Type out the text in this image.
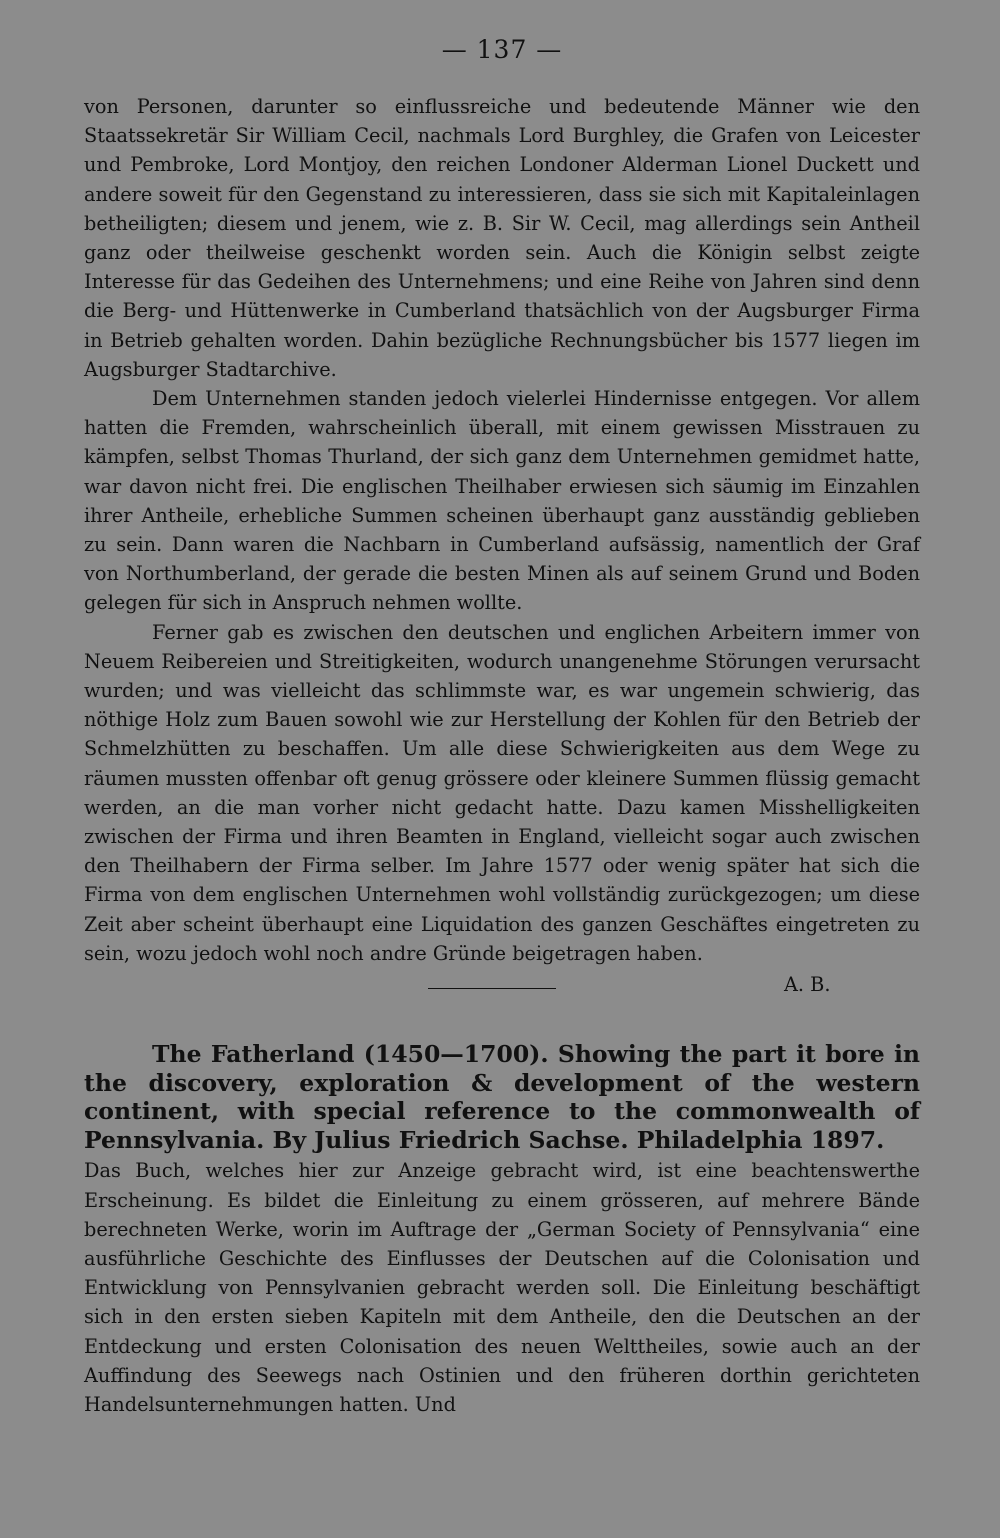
— 137 —

von Personen, darunter so einflussreiche und bedeutende Männer wie den Staatssekretär Sir William Cecil, nachmals Lord Burghley, die Grafen von Leicester und Pembroke, Lord Montjoy, den reichen Londoner Alderman Lionel Duckett und andere soweit für den Gegenstand zu interessieren, dass sie sich mit Kapitaleinlagen betheiligten; diesem und jenem, wie z. B. Sir W. Cecil, mag allerdings sein Antheil ganz oder theilweise geschenkt worden sein. Auch die Königin selbst zeigte Interesse für das Gedeihen des Unternehmens; und eine Reihe von Jahren sind denn die Berg- und Hüttenwerke in Cumberland thatsächlich von der Augsburger Firma in Betrieb gehalten worden. Dahin bezügliche Rechnungsbücher bis 1577 liegen im Augsburger Stadtarchive.

Dem Unternehmen standen jedoch vielerlei Hindernisse entgegen. Vor allem hatten die Fremden, wahrscheinlich überall, mit einem gewissen Misstrauen zu kämpfen, selbst Thomas Thurland, der sich ganz dem Unternehmen gemidmet hatte, war davon nicht frei. Die englischen Theilhaber erwiesen sich säumig im Einzahlen ihrer Antheile, erhebliche Summen scheinen überhaupt ganz ausständig geblieben zu sein. Dann waren die Nachbarn in Cumberland aufsässig, namentlich der Graf von Northumberland, der gerade die besten Minen als auf seinem Grund und Boden gelegen für sich in Anspruch nehmen wollte.

Ferner gab es zwischen den deutschen und englichen Arbeitern immer von Neuem Reibereien und Streitigkeiten, wodurch unangenehme Störungen verursacht wurden; und was vielleicht das schlimmste war, es war ungemein schwierig, das nöthige Holz zum Bauen sowohl wie zur Herstellung der Kohlen für den Betrieb der Schmelzhütten zu beschaffen. Um alle diese Schwierigkeiten aus dem Wege zu räumen mussten offenbar oft genug grössere oder kleinere Summen flüssig gemacht werden, an die man vorher nicht gedacht hatte. Dazu kamen Misshelligkeiten zwischen der Firma und ihren Beamten in England, vielleicht sogar auch zwischen den Theilhabern der Firma selber. Im Jahre 1577 oder wenig später hat sich die Firma von dem englischen Unternehmen wohl vollständig zurückgezogen; um diese Zeit aber scheint überhaupt eine Liquidation des ganzen Geschäftes eingetreten zu sein, wozu jedoch wohl noch andre Gründe beigetragen haben.

A. B.
The Fatherland (1450—1700). Showing the part it bore in the discovery, exploration & development of the western continent, with special reference to the commonwealth of Pennsylvania. By Julius Friedrich Sachse. Philadelphia 1897.

Das Buch, welches hier zur Anzeige gebracht wird, ist eine beachtenswerthe Erscheinung. Es bildet die Einleitung zu einem grösseren, auf mehrere Bände berechneten Werke, worin im Auftrage der „German Society of Pennsylvania“ eine ausführliche Geschichte des Einflusses der Deutschen auf die Colonisation und Entwicklung von Pennsylvanien gebracht werden soll. Die Einleitung beschäftigt sich in den ersten sieben Kapiteln mit dem Antheile, den die Deutschen an der Entdeckung und ersten Colonisation des neuen Welttheiles, sowie auch an der Auffindung des Seewegs nach Ostinien und den früheren dorthin gerichteten Handelsunternehmungen hatten. Und
